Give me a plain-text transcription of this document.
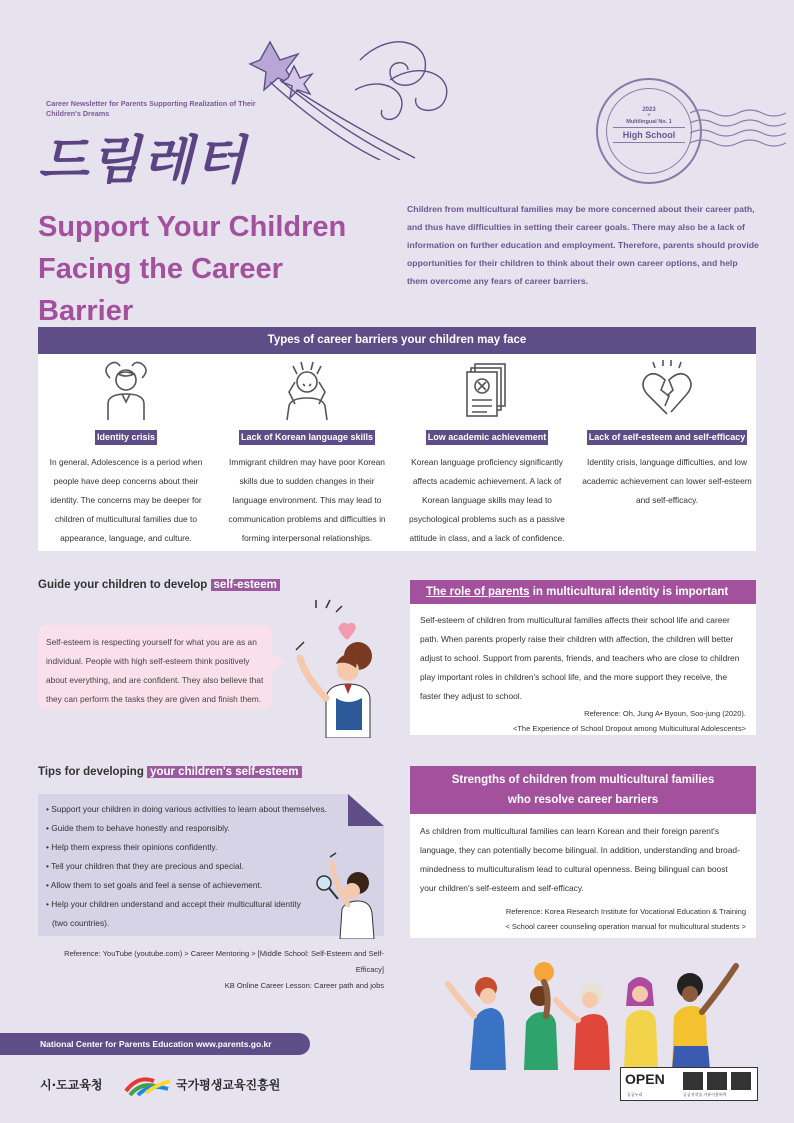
Career Newsletter for Parents Supporting Realization of Their Children's Dreams
드림레터
2023
+
Multilingual No. 1
High School
Support Your Children
Facing the Career Barrier
Children from multicultural families may be more concerned about their career path, and thus have difficulties in setting their career goals. There may also be a lack of information on further education and employment. Therefore, parents should provide opportunities for their children to think about their own career options, and help them overcome any fears of career barriers.
Types of career barriers your children may face
Identity crisis
In general, Adolescence is a period when people have deep concerns about their identity. The concerns may be deeper for children of multicultural families due to appearance, language, and culture.
Lack of Korean language skills
Immigrant children may have poor Korean skills due to sudden changes in their language environment. This may lead to communication problems and difficulties in forming interpersonal relationships.
Low academic achievement
Korean language proficiency significantly affects academic achievement. A lack of Korean language skills may lead to psychological problems such as a passive attitude in class, and a lack of confidence.
Lack of self-esteem and self-efficacy
Identity crisis, language difficulties, and low academic achievement can lower self-esteem and self-efficacy.
Guide your children to develop self-esteem
Self-esteem is respecting yourself for what you are as an individual. People with high self-esteem think positively about everything, and are confident. They also believe that they can perform the tasks they are given and finish them.
The role of parents in multicultural identity is important
Self-esteem of children from multicultural families affects their school life and career path. When parents properly raise their children with affection, the children will better adjust to school. Support from parents, friends, and teachers who are close to children play important roles in children's school life, and the more support they receive, the faster they adjust to school.
Reference: Oh, Jung A• Byoun, Soo-jung (2020).
<The Experience of School Dropout among Multicultural Adolescents>
Tips for developing your children's self-esteem
• Support your children in doing various activities to learn about themselves.
• Guide them to behave honestly and responsibly.
• Help them express their opinions confidently.
• Tell your children that they are precious and special.
• Allow them to set goals and feel a sense of achievement.
• Help your children understand and accept their multicultural identity
(two countries).
Reference: YouTube (youtube.com) > Career Mentoring > [Middle School: Self-Esteem and Self-Efficacy]
KB Online Career Lesson: Career path and jobs
Strengths of children from multicultural families
who resolve career barriers
As children from multicultural families can learn Korean and their foreign parent's language, they can potentially become bilingual. In addition, understanding and broad-mindedness to multiculturalism lead to cultural openness. Being bilingual can boost your children's self-esteem and self-efficacy.
Reference: Korea Research Institute for Vocational Education & Training
< School career counseling operation manual for multicultural students >
National Center for Parents Education www.parents.go.kr
시·도교육청	국가평생교육진흥원	OPEN
공공누리	공공저작물 자유이용허락
